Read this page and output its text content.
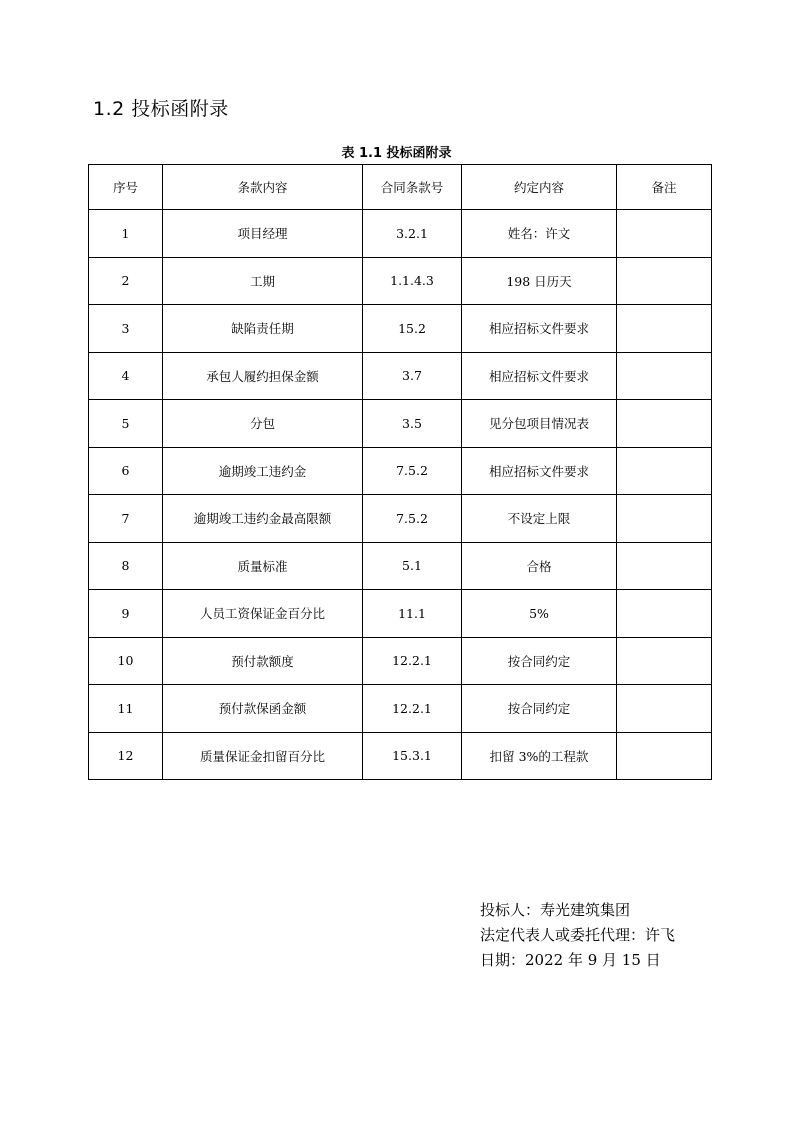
1.2 投标函附录
表 1.1 投标函附录
序号	条款内容	合同条款号	约定内容	备注
1	项目经理	3.2.1	姓名：许文	
2	工期	1.1.4.3	198 日历天	
3	缺陷责任期	15.2	相应招标文件要求	
4	承包人履约担保金额	3.7	相应招标文件要求	
5	分包	3.5	见分包项目情况表	
6	逾期竣工违约金	7.5.2	相应招标文件要求	
7	逾期竣工违约金最高限额	7.5.2	不设定上限	
8	质量标准	5.1	合格	
9	人员工资保证金百分比	11.1	5%	
10	预付款额度	12.2.1	按合同约定	
11	预付款保函金额	12.2.1	按合同约定	
12	质量保证金扣留百分比	15.3.1	扣留 3%的工程款	
投标人：寿光建筑集团
法定代表人或委托代理：许飞
日期：2022 年 9 月 15 日
